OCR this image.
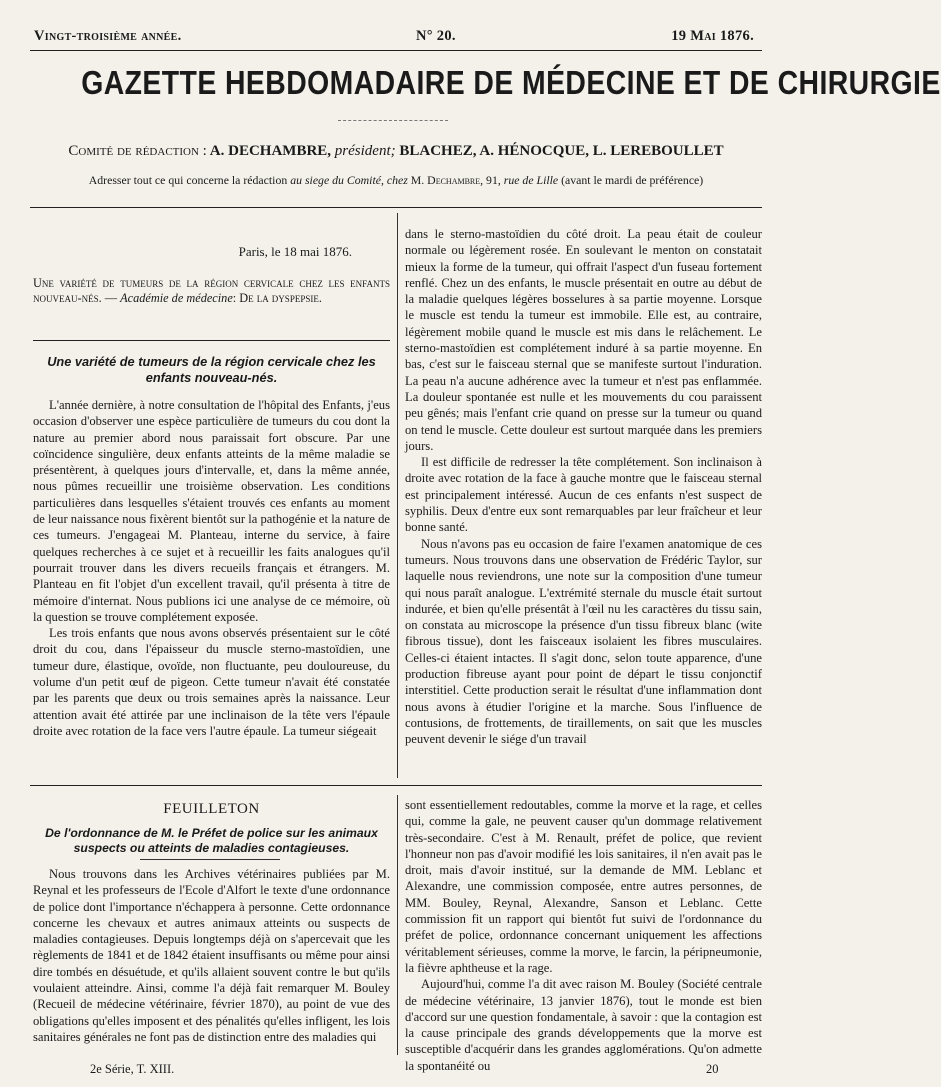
Vingt-troisième année.	N° 20.	19 Mai 1876.
GAZETTE HEBDOMADAIRE DE MÉDECINE ET DE CHIRURGIE
Comité de rédaction : A. DECHAMBRE, président; BLACHEZ, A. HÉNOCQUE, L. LEREBOULLET
Adresser tout ce qui concerne la rédaction au siege du Comité, chez M. Dechambre, 91, rue de Lille (avant le mardi de préférence)
Paris, le 18 mai 1876.
Une variété de tumeurs de la région cervicale chez les enfants nouveau-nés. — Académie de médecine: De la dyspepsie.
Une variété de tumeurs de la région cervicale chez les enfants nouveau-nés.

L'année dernière, à notre consultation de l'hôpital des Enfants, j'eus occasion d'observer une espèce particulière de tumeurs du cou dont la nature au premier abord nous paraissait fort obscure. Par une coïncidence singulière, deux enfants atteints de la même maladie se présentèrent, à quelques jours d'intervalle, et, dans la même année, nous pûmes recueillir une troisième observation. Les conditions particulières dans lesquelles s'étaient trouvés ces enfants au moment de leur naissance nous fixèrent bientôt sur la pathogénie et la nature de ces tumeurs. J'engageai M. Planteau, interne du service, à faire quelques recherches à ce sujet et à recueillir les faits analogues qu'il pourrait trouver dans les divers recueils français et étrangers. M. Planteau en fit l'objet d'un excellent travail, qu'il présenta à titre de mémoire d'internat. Nous publions ici une analyse de ce mémoire, où la question se trouve complétement exposée.

Les trois enfants que nous avons observés présentaient sur le côté droit du cou, dans l'épaisseur du muscle sterno-mastoïdien, une tumeur dure, élastique, ovoïde, non fluctuante, peu douloureuse, du volume d'un petit œuf de pigeon. Cette tumeur n'avait été constatée par les parents que deux ou trois semaines après la naissance. Leur attention avait été attirée par une inclinaison de la tête vers l'épaule droite avec rotation de la face vers l'autre épaule. La tumeur siégeait

dans le sterno-mastoïdien du côté droit. La peau était de couleur normale ou légèrement rosée. En soulevant le menton on constatait mieux la forme de la tumeur, qui offrait l'aspect d'un fuseau fortement renflé. Chez un des enfants, le muscle présentait en outre au début de la maladie quelques légères bosselures à sa partie moyenne. Lorsque le muscle est tendu la tumeur est immobile. Elle est, au contraire, légèrement mobile quand le muscle est mis dans le relâchement. Le sterno-mastoïdien est complétement induré à sa partie moyenne. En bas, c'est sur le faisceau sternal que se manifeste surtout l'induration. La peau n'a aucune adhérence avec la tumeur et n'est pas enflammée. La douleur spontanée est nulle et les mouvements du cou paraissent peu gênés; mais l'enfant crie quand on presse sur la tumeur ou quand on tend le muscle. Cette douleur est surtout marquée dans les premiers jours.

Il est difficile de redresser la tête complétement. Son inclinaison à droite avec rotation de la face à gauche montre que le faisceau sternal est principalement intéressé. Aucun de ces enfants n'est suspect de syphilis. Deux d'entre eux sont remarquables par leur fraîcheur et leur bonne santé.

Nous n'avons pas eu occasion de faire l'examen anatomique de ces tumeurs. Nous trouvons dans une observation de Frédéric Taylor, sur laquelle nous reviendrons, une note sur la composition d'une tumeur qui nous paraît analogue. L'extrémité sternale du muscle était surtout indurée, et bien qu'elle présentât à l'œil nu les caractères du tissu sain, on constata au microscope la présence d'un tissu fibreux blanc (wite fibrous tissue), dont les faisceaux isolaient les fibres musculaires. Celles-ci étaient intactes. Il s'agit donc, selon toute apparence, d'une production fibreuse ayant pour point de départ le tissu conjonctif interstitiel. Cette production serait le résultat d'une inflammation dont nous avons à étudier l'origine et la marche. Sous l'influence de contusions, de frottements, de tiraillements, on sait que les muscles peuvent devenir le siége d'un travail

FEUILLETON
De l'ordonnance de M. le Préfet de police sur les animaux suspects ou atteints de maladies contagieuses.

Nous trouvons dans les Archives vétérinaires publiées par M. Reynal et les professeurs de l'Ecole d'Alfort le texte d'une ordonnance de police dont l'importance n'échappera à personne. Cette ordonnance concerne les chevaux et autres animaux atteints ou suspects de maladies contagieuses. Depuis longtemps déjà on s'apercevait que les règlements de 1841 et de 1842 étaient insuffisants ou même pour ainsi dire tombés en désuétude, et qu'ils allaient souvent contre le but qu'ils voulaient atteindre. Ainsi, comme l'a déjà fait remarquer M. Bouley (Recueil de médecine vétérinaire, février 1870), au point de vue des obligations qu'elles imposent et des pénalités qu'elles infligent, les lois sanitaires générales ne font pas de distinction entre des maladies qui

sont essentiellement redoutables, comme la morve et la rage, et celles qui, comme la gale, ne peuvent causer qu'un dommage relativement très-secondaire. C'est à M. Renault, préfet de police, que revient l'honneur non pas d'avoir modifié les lois sanitaires, il n'en avait pas le droit, mais d'avoir institué, sur la demande de MM. Leblanc et Alexandre, une commission composée, entre autres personnes, de MM. Bouley, Reynal, Alexandre, Sanson et Leblanc. Cette commission fit un rapport qui bientôt fut suivi de l'ordonnance du préfet de police, ordonnance concernant uniquement les affections véritablement sérieuses, comme la morve, le farcin, la péripneumonie, la fièvre aphtheuse et la rage.

Aujourd'hui, comme l'a dit avec raison M. Bouley (Société centrale de médecine vétérinaire, 13 janvier 1876), tout le monde est bien d'accord sur une question fondamentale, à savoir : que la contagion est la cause principale des grands développements que la morve est susceptible d'acquérir dans les grandes agglomérations. Qu'on admette la spontanéité ou

2e Série, T. XIII.	20
